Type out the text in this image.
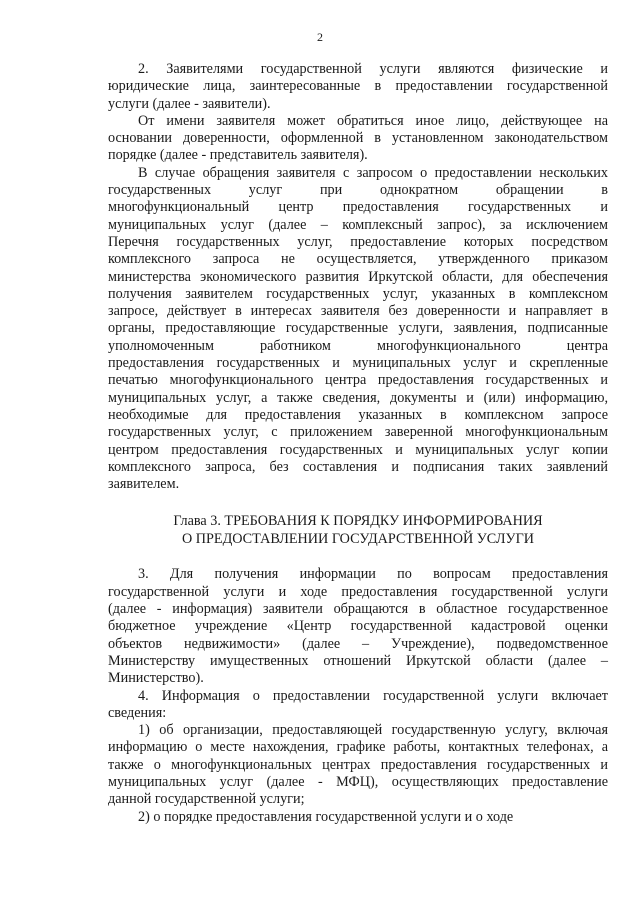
2
2. Заявителями государственной услуги являются физические и
юридические лица, заинтересованные в предоставлении государственной
услуги (далее - заявители).
От имени заявителя может обратиться иное лицо, действующее на
основании доверенности, оформленной в установленном законодательством
порядке (далее - представитель заявителя).
В случае обращения заявителя с запросом о предоставлении нескольких
государственных услуг при однократном обращении в
многофункциональный центр предоставления государственных и
муниципальных услуг (далее – комплексный запрос), за исключением
Перечня государственных услуг, предоставление которых посредством
комплексного запроса не осуществляется, утвержденного приказом
министерства экономического развития Иркутской области, для обеспечения
получения заявителем государственных услуг, указанных в комплексном
запросе, действует в интересах заявителя без доверенности и направляет в
органы, предоставляющие государственные услуги, заявления, подписанные
уполномоченным работником многофункционального центра
предоставления государственных и муниципальных услуг и скрепленные
печатью многофункционального центра предоставления государственных и
муниципальных услуг, а также сведения, документы и (или) информацию,
необходимые для предоставления указанных в комплексном запросе
государственных услуг, с приложением заверенной многофункциональным
центром предоставления государственных и муниципальных услуг копии
комплексного запроса, без составления и подписания таких заявлений
заявителем.
Глава 3. ТРЕБОВАНИЯ К ПОРЯДКУ ИНФОРМИРОВАНИЯ
О ПРЕДОСТАВЛЕНИИ ГОСУДАРСТВЕННОЙ УСЛУГИ
3. Для получения информации по вопросам предоставления
государственной услуги и ходе предоставления государственной услуги
(далее - информация) заявители обращаются в областное государственное
бюджетное учреждение «Центр государственной кадастровой оценки
объектов недвижимости» (далее – Учреждение), подведомственное
Министерству имущественных отношений Иркутской области (далее –
Министерство).
4. Информация о предоставлении государственной услуги включает
сведения:
1) об организации, предоставляющей государственную услугу, включая
информацию о месте нахождения, графике работы, контактных телефонах, а
также о многофункциональных центрах предоставления государственных и
муниципальных услуг (далее - МФЦ), осуществляющих предоставление
данной государственной услуги;
2) о порядке предоставления государственной услуги и о ходе
